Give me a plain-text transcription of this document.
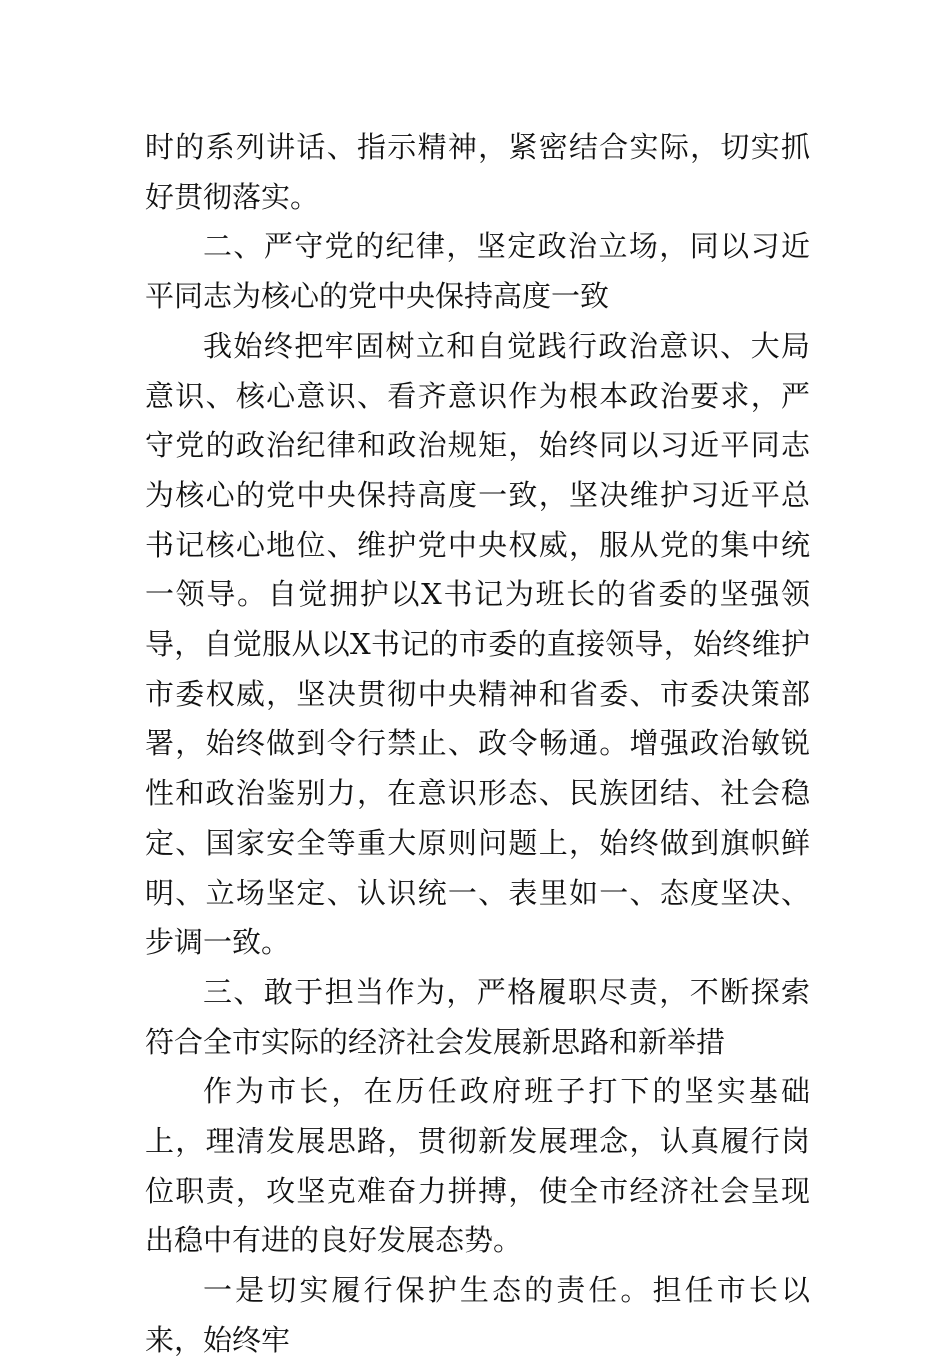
时的系列讲话、指示精神，紧密结合实际，切实抓好贯彻落实。

二、严守党的纪律，坚定政治立场，同以习近平同志为核心的党中央保持高度一致

我始终把牢固树立和自觉践行政治意识、大局意识、核心意识、看齐意识作为根本政治要求，严守党的政治纪律和政治规矩，始终同以习近平同志为核心的党中央保持高度一致，坚决维护习近平总书记核心地位、维护党中央权威，服从党的集中统一领导。自觉拥护以X书记为班长的省委的坚强领导，自觉服从以X书记的市委的直接领导，始终维护市委权威，坚决贯彻中央精神和省委、市委决策部署，始终做到令行禁止、政令畅通。增强政治敏锐性和政治鉴别力，在意识形态、民族团结、社会稳定、国家安全等重大原则问题上，始终做到旗帜鲜明、立场坚定、认识统一、表里如一、态度坚决、步调一致。

三、敢于担当作为，严格履职尽责，不断探索符合全市实际的经济社会发展新思路和新举措

作为市长，在历任政府班子打下的坚实基础上，理清发展思路，贯彻新发展理念，认真履行岗位职责，攻坚克难奋力拼搏，使全市经济社会呈现出稳中有进的良好发展态势。

一是切实履行保护生态的责任。担任市长以来，始终牢
